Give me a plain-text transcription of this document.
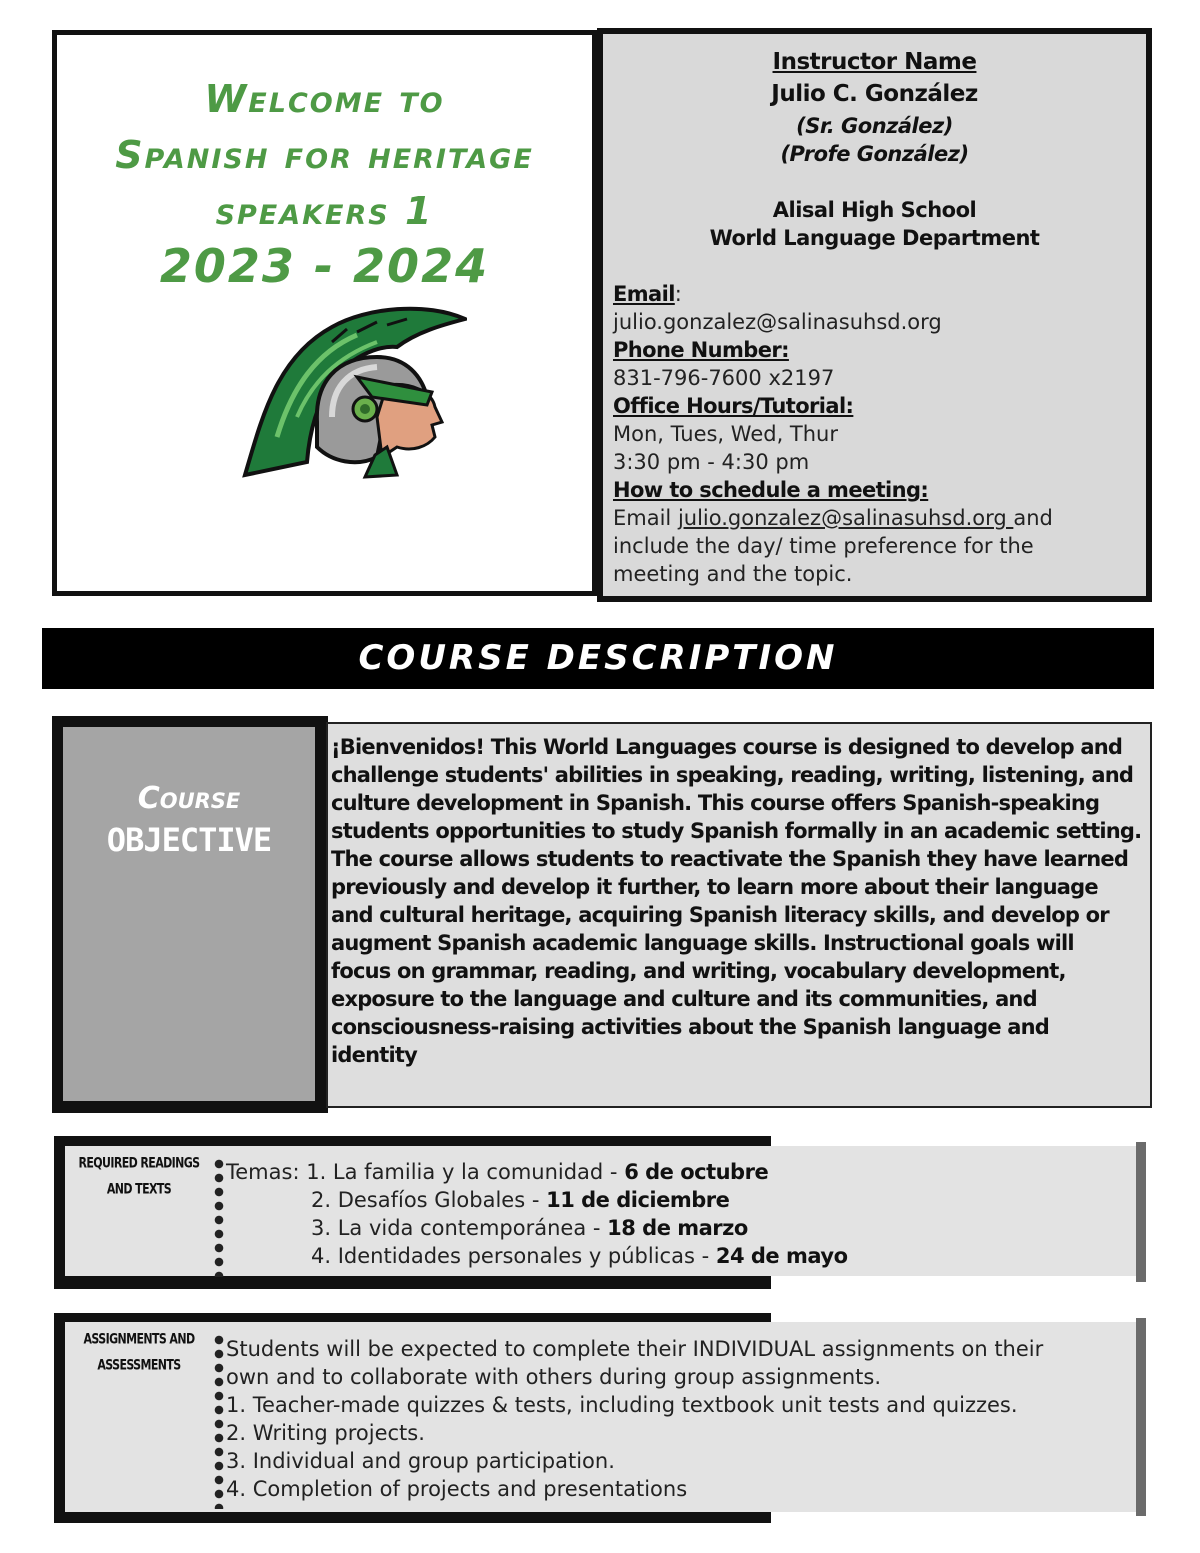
Welcome to
Spanish for heritage
speakers 1
2023 - 2024
Instructor Name
Julio C. González
(Sr. González)
(Profe González)
Alisal High School
World Language Department
Email:
julio.gonzalez@salinasuhsd.org
Phone Number:
831-796-7600 x2197
Office Hours/Tutorial:
Mon, Tues, Wed, Thur
3:30 pm - 4:30 pm
How to schedule a meeting:
Email julio.gonzalez@salinasuhsd.org and
include the day/ time preference for the
meeting and the topic.
COURSE DESCRIPTION
Course
OBJECTIVE
¡Bienvenidos! This World Languages course is designed to develop and
challenge students' abilities in speaking, reading, writing, listening, and
culture development in Spanish. This course offers Spanish-speaking
students opportunities to study Spanish formally in an academic setting.
The course allows students to reactivate the Spanish they have learned
previously and develop it further, to learn more about their language
and cultural heritage, acquiring Spanish literacy skills, and develop or
augment Spanish academic language skills. Instructional goals will
focus on grammar, reading, and writing, vocabulary development,
exposure to the language and culture and its communities, and
consciousness-raising activities about the Spanish language and
identity
REQUIRED READINGS
AND TEXTS
Temas: 1. La familia y la comunidad - 6 de octubre
2. Desafíos Globales - 11 de diciembre
3. La vida contemporánea - 18 de marzo
4. Identidades personales y públicas - 24 de mayo
ASSIGNMENTS AND
ASSESSMENTS
Students will be expected to complete their INDIVIDUAL assignments on their
own and to collaborate with others during group assignments.
1. Teacher-made quizzes & tests, including textbook unit tests and quizzes.
2. Writing projects.
3. Individual and group participation.
4. Completion of projects and presentations
